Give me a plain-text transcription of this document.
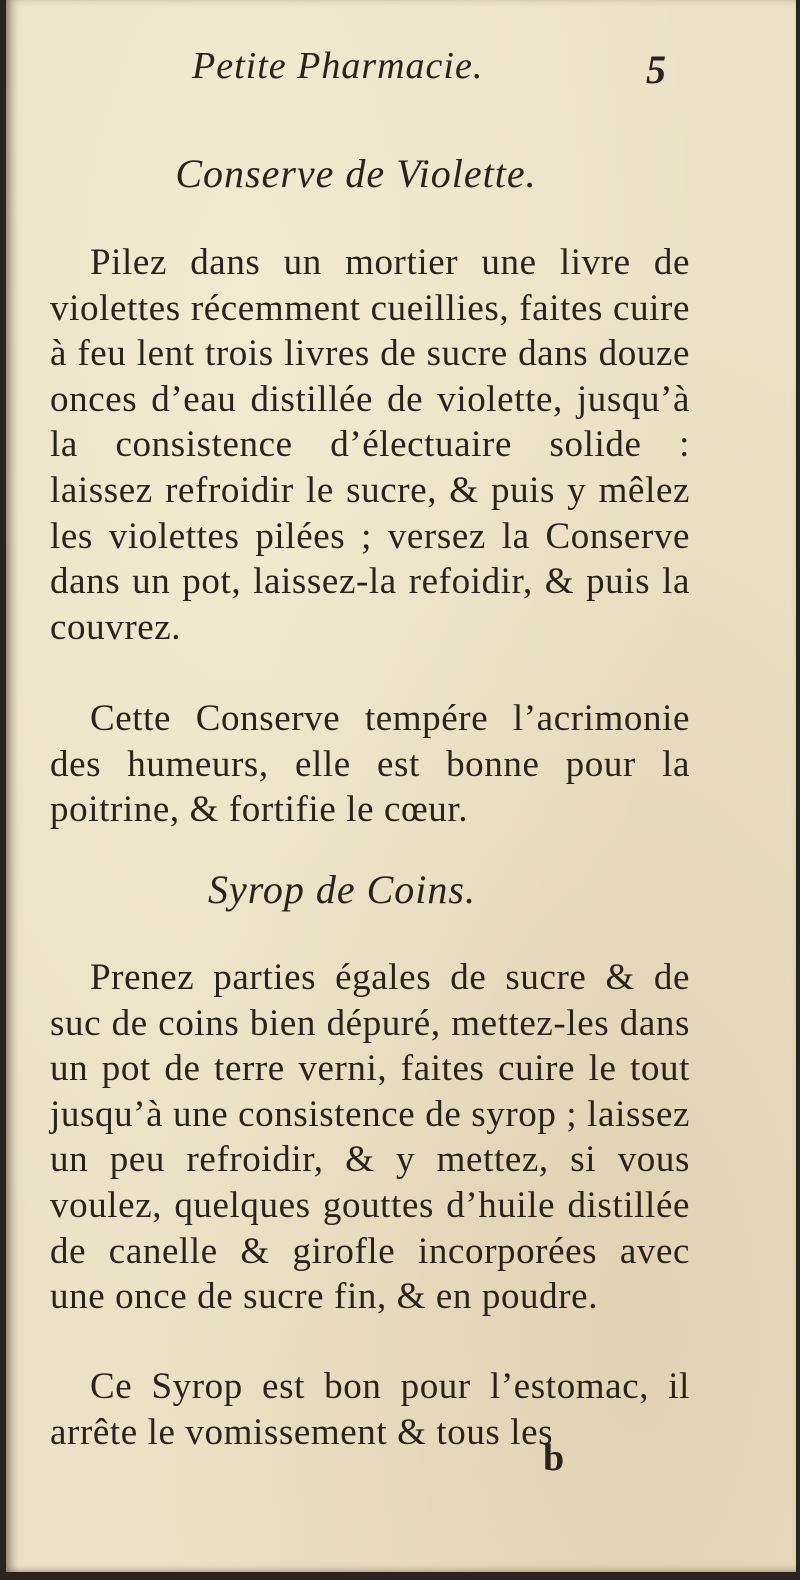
Petite Pharmacie.	5
Conserve de Violette.

Pilez dans un mortier une livre de violettes récemment cueillies, faites cuire à feu lent trois livres de sucre dans douze onces d’eau distillée de violette, jusqu’à la consistence d’électuaire solide : laissez refroidir le sucre, & puis y mêlez les violettes pilées ; versez la Conserve dans un pot, laissez-la refoidir, & puis la couvrez.

Cette Conserve tempére l’acrimonie des humeurs, elle est bonne pour la poitrine, & fortifie le cœur.

Syrop de Coins.

Prenez parties égales de sucre & de suc de coins bien dépuré, mettez-les dans un pot de terre verni, faites cuire le tout jusqu’à une consistence de syrop ; laissez un peu refroidir, & y mettez, si vous voulez, quelques gouttes d’huile distillée de canelle & girofle incorporées avec une once de sucre fin, & en poudre.

Ce Syrop est bon pour l’estomac, il arrête le vomissement & tous les

b
